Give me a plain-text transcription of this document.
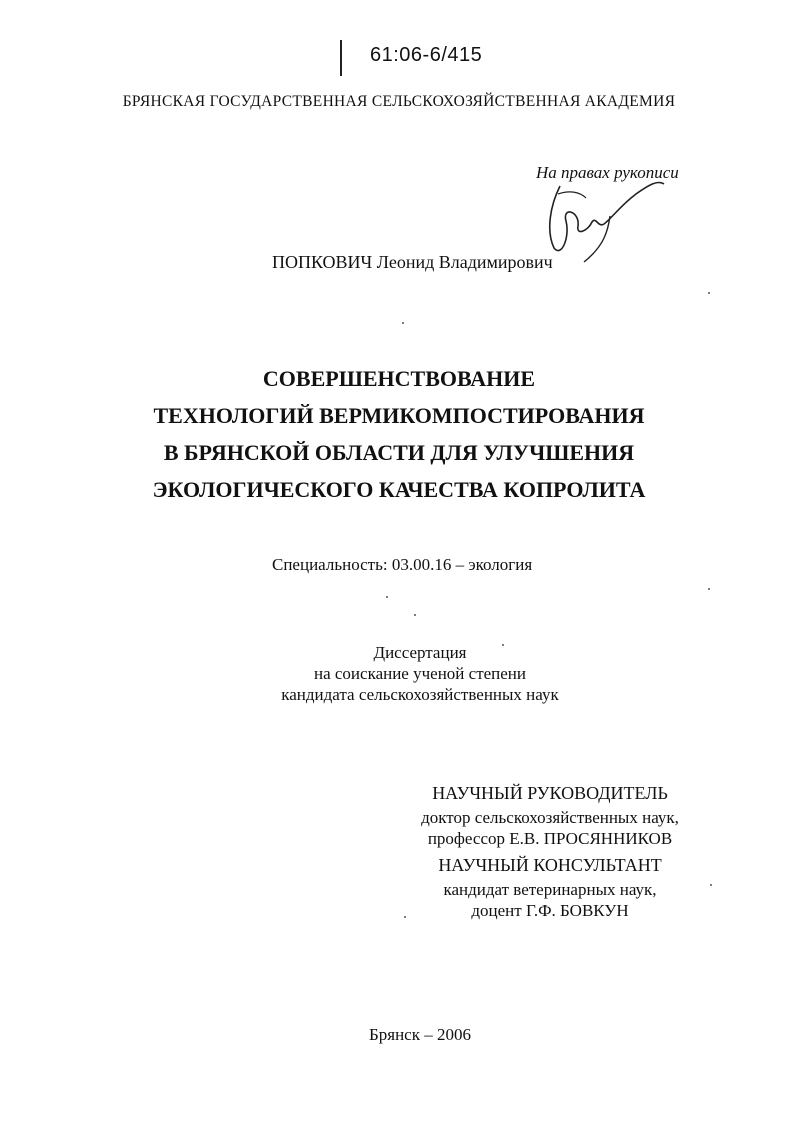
61:06-6/415
БРЯНСКАЯ ГОСУДАРСТВЕННАЯ СЕЛЬСКОХОЗЯЙСТВЕННАЯ АКАДЕМИЯ
На правах рукописи
ПОПКОВИЧ Леонид Владимирович
СОВЕРШЕНСТВОВАНИЕ
ТЕХНОЛОГИЙ ВЕРМИКОМПОСТИРОВАНИЯ
В БРЯНСКОЙ ОБЛАСТИ ДЛЯ УЛУЧШЕНИЯ
ЭКОЛОГИЧЕСКОГО КАЧЕСТВА КОПРОЛИТА
Специальность: 03.00.16 – экология
Диссертация
на соискание ученой степени
кандидата сельскохозяйственных наук
НАУЧНЫЙ РУКОВОДИТЕЛЬ
доктор сельскохозяйственных наук,
профессор Е.В. ПРОСЯННИКОВ
НАУЧНЫЙ КОНСУЛЬТАНТ
кандидат ветеринарных наук,
доцент Г.Ф. БОВКУН
Брянск – 2006
